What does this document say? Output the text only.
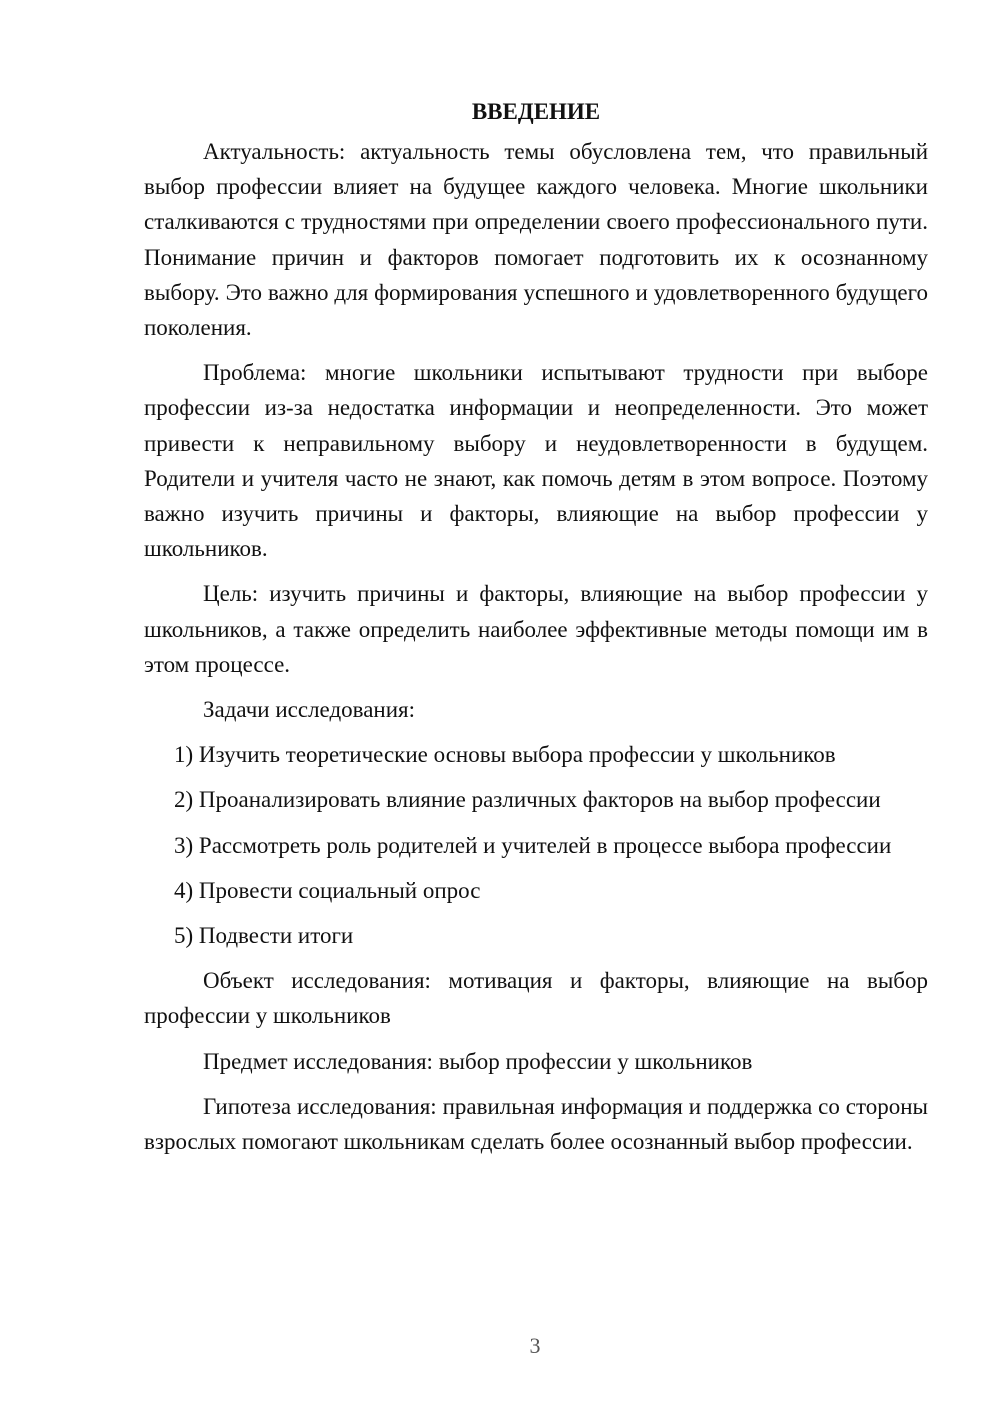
ВВЕДЕНИЕ

Актуальность: актуальность темы обусловлена тем, что правильный выбор профессии влияет на будущее каждого человека. Многие школьники сталкиваются с трудностями при определении своего профессионального пути. Понимание причин и факторов помогает подготовить их к осознанному выбору. Это важно для формирования успешного и удовлетворенного будущего поколения.

Проблема: многие школьники испытывают трудности при выборе профессии из-за недостатка информации и неопределенности. Это может привести к неправильному выбору и неудовлетворенности в будущем. Родители и учителя часто не знают, как помочь детям в этом вопросе. Поэтому важно изучить причины и факторы, влияющие на выбор профессии у школьников.

Цель: изучить причины и факторы, влияющие на выбор профессии у школьников, а также определить наиболее эффективные методы помощи им в этом процессе.

Задачи исследования:

1) Изучить теоретические основы выбора профессии у школьников

2) Проанализировать влияние различных факторов на выбор профессии

3) Рассмотреть роль родителей и учителей в процессе выбора профессии

4) Провести социальный опрос

5) Подвести итоги

Объект исследования: мотивация и факторы, влияющие на выбор профессии у школьников

Предмет исследования: выбор профессии у школьников

Гипотеза исследования: правильная информация и поддержка со стороны взрослых помогают школьникам сделать более осознанный выбор профессии.

3
